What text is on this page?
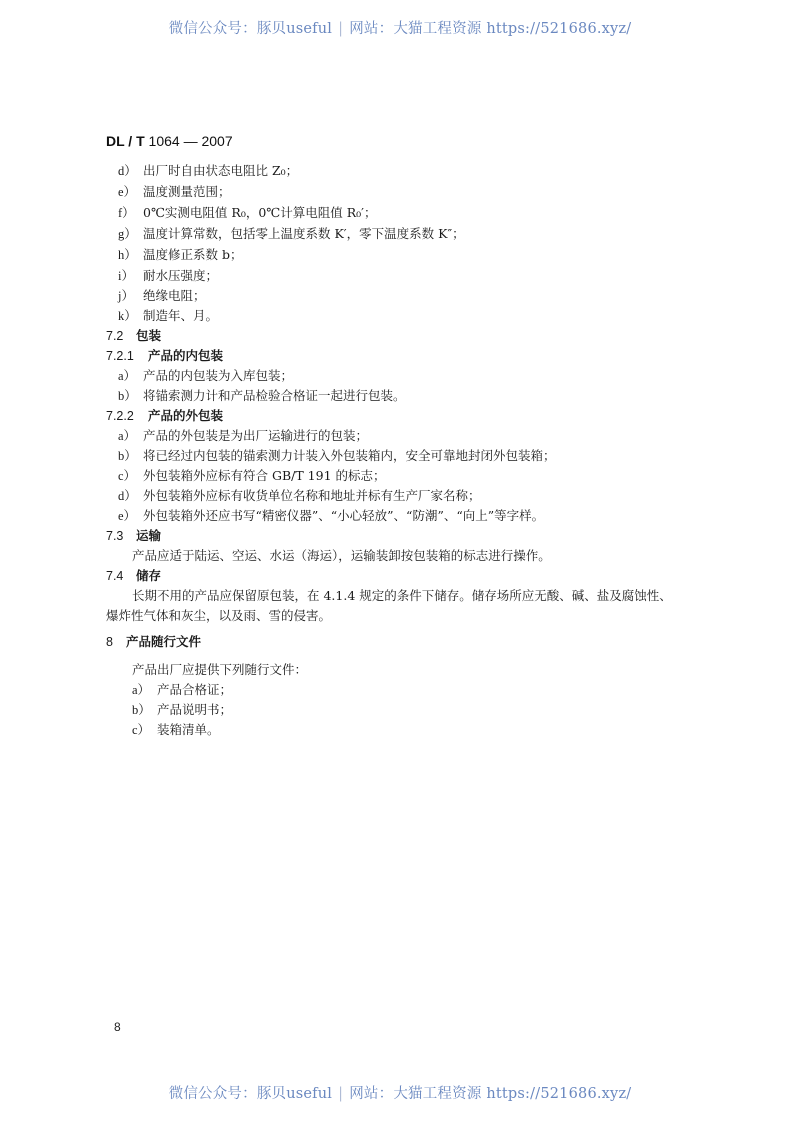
微信公众号：豚贝useful | 网站：大猫工程资源 https://521686.xyz/
DL / T 1064 — 2007
d） 出厂时自由状态电阻比 Z₀；
e） 温度测量范围；
f） 0℃实测电阻值 R₀，0℃计算电阻值 R₀′；
g） 温度计算常数，包括零上温度系数 K′，零下温度系数 K″；
h） 温度修正系数 b；
i） 耐水压强度；
j） 绝缘电阻；
k） 制造年、月。
7.2 包装
7.2.1 产品的内包装
a） 产品的内包装为入库包装；
b） 将锚索测力计和产品检验合格证一起进行包装。
7.2.2 产品的外包装
a） 产品的外包装是为出厂运输进行的包装；
b） 将已经过内包装的锚索测力计装入外包装箱内，安全可靠地封闭外包装箱；
c） 外包装箱外应标有符合 GB/T 191 的标志；
d） 外包装箱外应标有收货单位名称和地址并标有生产厂家名称；
e） 外包装箱外还应书写“精密仪器”、“小心轻放”、“防潮”、“向上”等字样。
7.3 运输
产品应适于陆运、空运、水运（海运），运输装卸按包装箱的标志进行操作。
7.4 储存
长期不用的产品应保留原包装，在 4.1.4 规定的条件下储存。储存场所应无酸、碱、盐及腐蚀性、
爆炸性气体和灰尘，以及雨、雪的侵害。
8 产品随行文件
产品出厂应提供下列随行文件：
a） 产品合格证；
b） 产品说明书；
c） 装箱清单。
8
微信公众号：豚贝useful | 网站：大猫工程资源 https://521686.xyz/
